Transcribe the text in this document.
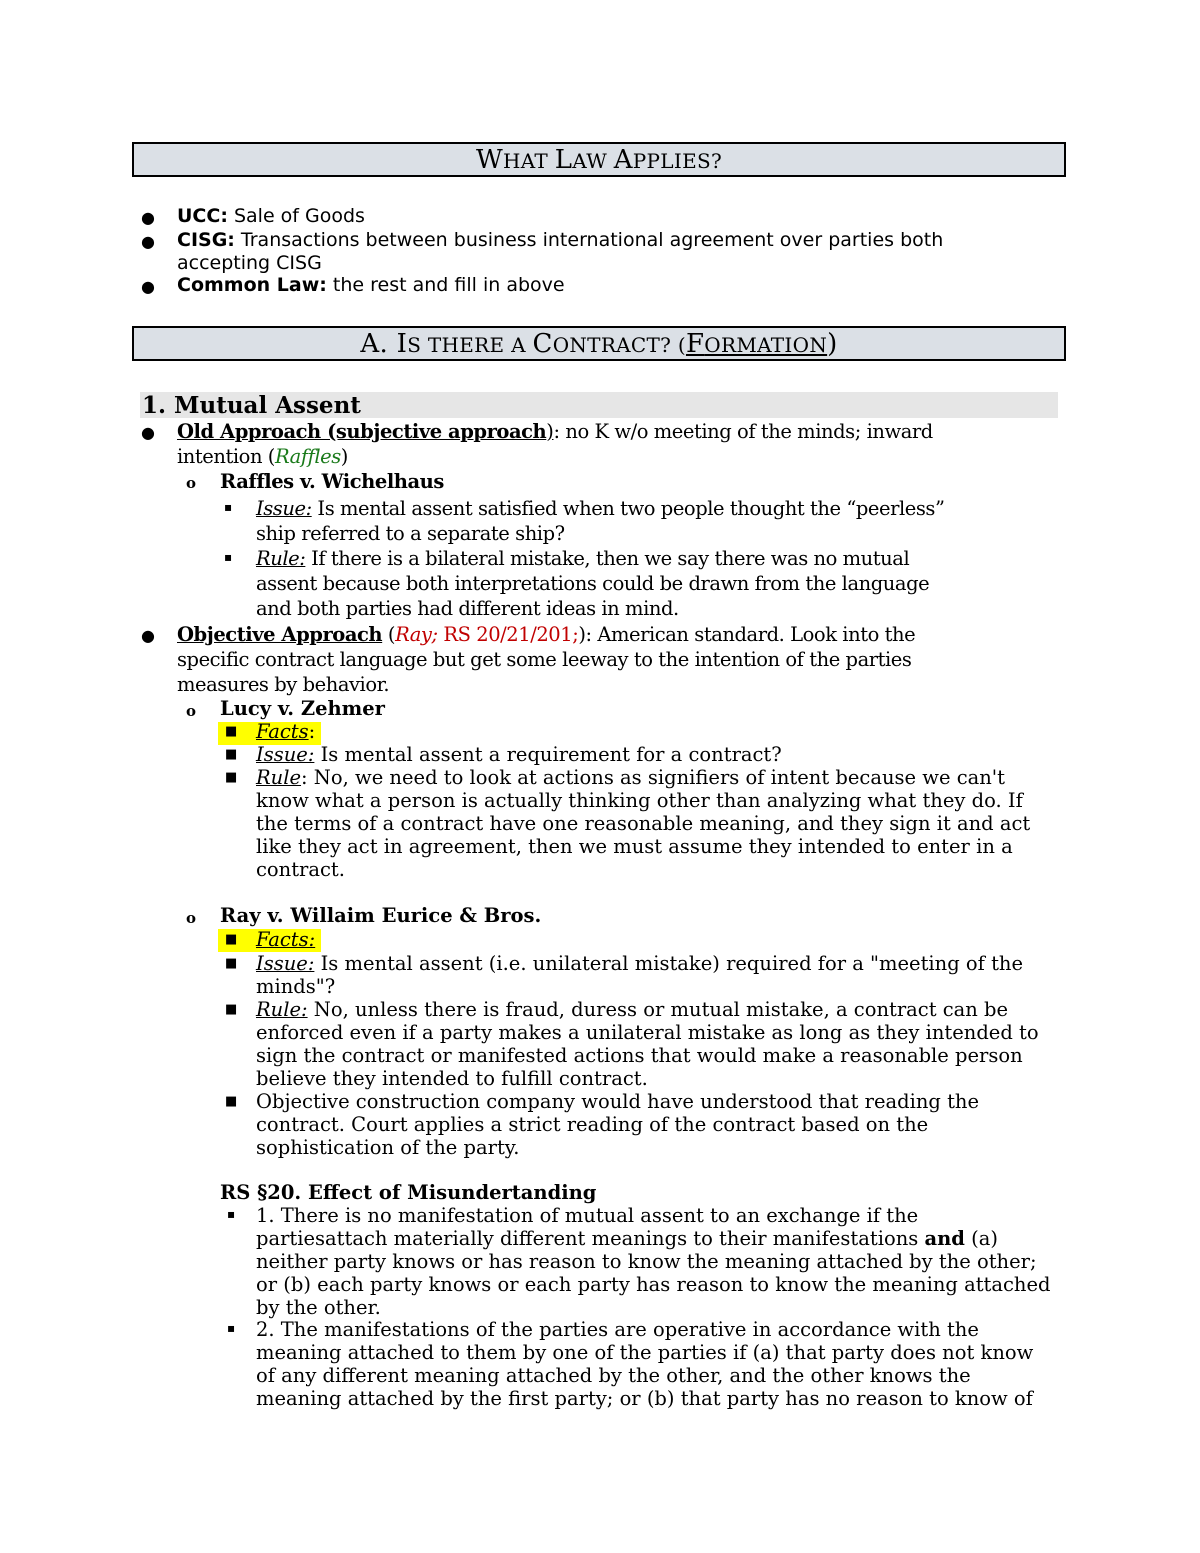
WHAT LAW APPLIES?
● UCC: Sale of Goods
● CISG: Transactions between business international agreement over parties both
accepting CISG
● Common Law: the rest and fill in above
A. IS THERE A CONTRACT? (FORMATION)
1. Mutual Assent
● Old Approach (subjective approach): no K w/o meeting of the minds; inward
intention (Raffles)
o Raffles v. Wichelhaus
▪ Issue: Is mental assent satisfied when two people thought the “peerless”
ship referred to a separate ship?
▪ Rule: If there is a bilateral mistake, then we say there was no mutual
assent because both interpretations could be drawn from the language
and both parties had different ideas in mind.
● Objective Approach (Ray; RS 20/21/201;): American standard. Look into the
specific contract language but get some leeway to the intention of the parties
measures by behavior.
o Lucy v. Zehmer
■ Facts:
■ Issue: Is mental assent a requirement for a contract?
■ Rule: No, we need to look at actions as signifiers of intent because we can't
know what a person is actually thinking other than analyzing what they do. If
the terms of a contract have one reasonable meaning, and they sign it and act
like they act in agreement, then we must assume they intended to enter in a
contract.
o Ray v. Willaim Eurice & Bros.
■ Facts:
■ Issue: Is mental assent (i.e. unilateral mistake) required for a "meeting of the
minds"?
■ Rule: No, unless there is fraud, duress or mutual mistake, a contract can be
enforced even if a party makes a unilateral mistake as long as they intended to
sign the contract or manifested actions that would make a reasonable person
believe they intended to fulfill contract.
■ Objective construction company would have understood that reading the
contract. Court applies a strict reading of the contract based on the
sophistication of the party.
RS §20. Effect of Misundertanding
▪ 1. There is no manifestation of mutual assent to an exchange if the
partiesattach materially different meanings to their manifestations and (a)
neither party knows or has reason to know the meaning attached by the other;
or (b) each party knows or each party has reason to know the meaning attached
by the other.
▪ 2. The manifestations of the parties are operative in accordance with the
meaning attached to them by one of the parties if (a) that party does not know
of any different meaning attached by the other, and the other knows the
meaning attached by the first party; or (b) that party has no reason to know of
